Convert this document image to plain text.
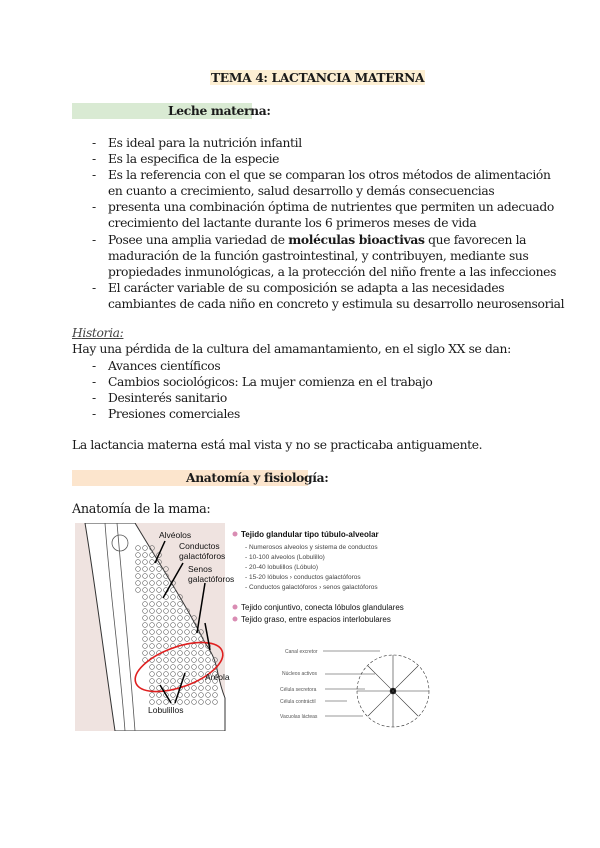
TEMA 4: LACTANCIA MATERNA
Leche materna:
Historia:
Hay una pérdida de la cultura del amamantamiento, en el siglo XX se dan:
La lactancia materna está mal vista y no se practicaba antiguamente.
Anatomía y fisiología:
Anatomía de la mama:
Alvéolos
Conductos
galactóforos
Senos
galactóforos
Aréola
Lobulillos
Tejido glandular tipo túbulo-alveolar
Tejido conjuntivo, conecta lóbulos glandulares
Tejido graso, entre espacios interlobulares
- Numerosos alveolos y sistema de conductos
- 10-100 alveolos (Lobulillo)
- 20-40 lobulillos (Lóbulo)
- 15-20 lóbulos › conductos galactóforos
- Conductos galactóforos › senos galactóforos
Canal excretor
Núcleos activos
Célula secretora
Célula contráctil
Vacuolas lácteas
- Es ideal para la nutrición infantil
- Es la especifica de la especie
- Es la referencia con el que se comparan los otros métodos de alimentación
en cuanto a crecimiento, salud desarrollo y demás consecuencias
- presenta una combinación óptima de nutrientes que permiten un adecuado
crecimiento del lactante durante los 6 primeros meses de vida
- Posee una amplia variedad de moléculas bioactivas que favorecen la
maduración de la función gastrointestinal, y contribuyen, mediante sus
propiedades inmunológicas, a la protección del niño frente a las infecciones
- El carácter variable de su composición se adapta a las necesidades
cambiantes de cada niño en concreto y estimula su desarrollo neurosensorial
- Avances científicos
- Cambios sociológicos: La mujer comienza en el trabajo
- Desinterés sanitario
- Presiones comerciales
